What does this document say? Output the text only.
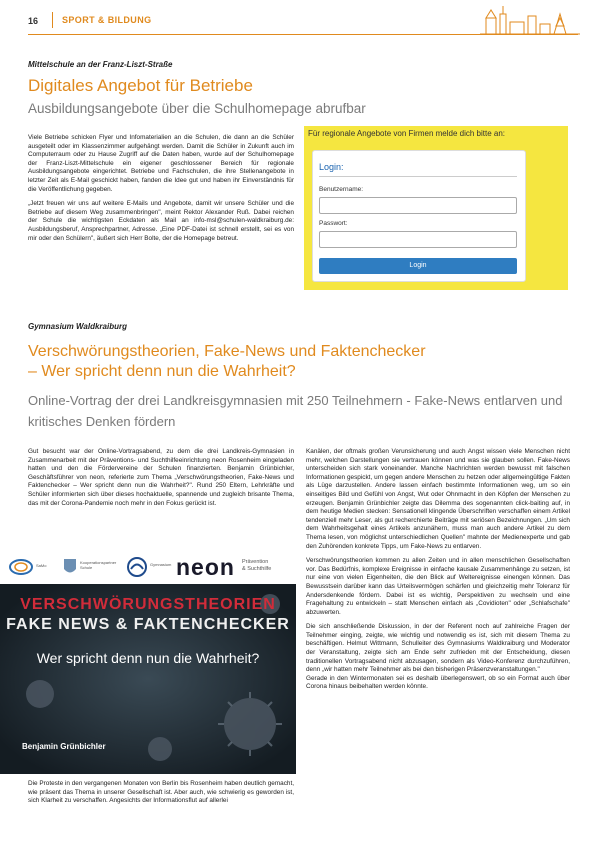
16	SPORT & BILDUNG
Mittelschule an der Franz-Liszt-Straße
Digitales Angebot für Betriebe
Ausbildungsangebote über die Schulhomepage abrufbar

Viele Betriebe schicken Flyer und Infomaterialien an die Schulen, die dann an die Schüler ausgeteilt oder im Klassenzimmer aufgehängt werden. Damit die Schüler in Zukunft auch im Computerraum oder zu Hause Zugriff auf die Daten haben, wurde auf der Schulhomepage der Franz-Liszt-Mittelschule ein eigener geschlossener Bereich für regionale Ausbildungsangebote eingerichtet. Betriebe und Fachschulen, die ihre Stellenangebote in letzter Zeit als E-Mail geschickt haben, fanden die Idee gut und haben ihr Einverständnis für die Veröffentlichung gegeben.

„Jetzt freuen wir uns auf weitere E-Mails und Angebote, damit wir unsere Schüler und die Betriebe auf diesem Weg zusammenbringen", meint Rektor Alexander Ruß. Dabei reichen der Schule die wichtigsten Eckdaten als Mail an info-msl@schulen-waldkraiburg.de: Ausbildungsberuf, Ansprechpartner, Adresse. „Eine PDF-Datei ist schnell erstellt, sei es von mir oder den Schülern", äußert sich Herr Bolte, der die Homepage betreut.

Für regionale Angebote von Firmen melde dich bitte an:
Login:
Benutzername:
Passwort:
Login
Gymnasium Waldkraiburg
Verschwörungstheorien, Fake-News und Faktenchecker
– Wer spricht denn nun die Wahrheit?
Online-Vortrag der drei Landkreisgymnasien mit 250 Teilnehmern - Fake-News entlarven und kritisches Denken fördern

Gut besucht war der Online-Vortragsabend, zu dem die drei Landkreis-Gymnasien in Zusammenarbeit mit der Präventions- und Suchthilfeeinrichtung neon Rosenheim eingeladen hatten und den die Fördervereine der Schulen finanzierten. Benjamin Grünbichler, Geschäftsführer von neon, referierte zum Thema „Verschwörungstheorien, Fake-News und Faktenchecker – Wer spricht denn nun die Wahrheit?". Rund 250 Eltern, Lehrkräfte und Schüler informierten sich über dieses hochaktuelle, spannende und zugleich brisante Thema, das mit der Corona-Pandemie noch mehr in den Fokus gerückt ist.

SaMo
Kooperationspartner Schule
Gymnasium neon Prävention
& Suchthilfe
VERSCHWÖRUNGSTHEORIEN
FAKE NEWS & FAKTENCHECKER
Wer spricht denn nun die Wahrheit?
Benjamin Grünbichler

Die Proteste in den vergangenen Monaten von Berlin bis Rosenheim haben deutlich gemacht, wie präsent das Thema in unserer Gesellschaft ist. Aber auch, wie schwierig es geworden ist, sich Klarheit zu verschaffen. Angesichts der Informationsflut auf allerlei

Kanälen, der oftmals großen Verunsicherung und auch Angst wissen viele Menschen nicht mehr, welchen Darstellungen sie vertrauen können und was sie glauben sollen. Fake-News unterscheiden sich stark voneinander. Manche Nachrichten werden bewusst mit falschen Informationen gespickt, um gegen andere Menschen zu hetzen oder allgemeingültige Fakten als Lüge darzustellen. Andere lassen einfach bestimmte Informationen weg, um so ein einseitiges Bild und Gefühl von Angst, Wut oder Ohnmacht in den Köpfen der Menschen zu erzeugen. Benjamin Grünbichler zeigte das Dilemma des sogenannten click-baiting auf, in dem heutige Medien stecken: Sensationell klingende Überschriften verschaffen einem Artikel tendenziell mehr Leser, als gut recherchierte Beiträge mit seriösen Bezeichnungen. „Um sich dem Wahrheitsgehalt eines Artikels anzunähern, muss man auch andere Artikel zu dem Thema lesen, von möglichst unterschiedlichen Quellen" mahnte der Medienexperte und gab den Zuhörenden konkrete Tipps, um Fake-News zu entlarven.

Verschwörungstheorien kommen zu allen Zeiten und in allen menschlichen Gesellschaften vor. Das Bedürfnis, komplexe Ereignisse in einfache kausale Zusammenhänge zu setzen, ist nur eine von vielen Eigenheiten, die den Blick auf Weltereignisse einengen können. Das Bewusstsein darüber kann das Urteilsvermögen schärfen und gleichzeitig mehr Toleranz für Andersdenkende fördern. Dabei ist es wichtig, Perspektiven zu wechseln und eine Fragehaltung zu entwickeln – statt Menschen einfach als „Covidioten" oder „Schlafschafe" abzuwerten.

Die sich anschließende Diskussion, in der der Referent noch auf zahlreiche Fragen der Teilnehmer einging, zeigte, wie wichtig und notwendig es ist, sich mit diesem Thema zu beschäftigen. Helmut Wittmann, Schulleiter des Gymnasiums Waldkraiburg und Moderator der Veranstaltung, zeigte sich am Ende sehr zufrieden mit der Entscheidung, diesen traditionellen Vortragsabend nicht abzusagen, sondern als Video-Konferenz durchzuführen, denn „wir hatten mehr Teilnehmer als bei den bisherigen Präsenzveranstaltungen."

Gerade in den Wintermonaten sei es deshalb überlegenswert, ob so ein Format auch über Corona hinaus beibehalten werden könnte.
